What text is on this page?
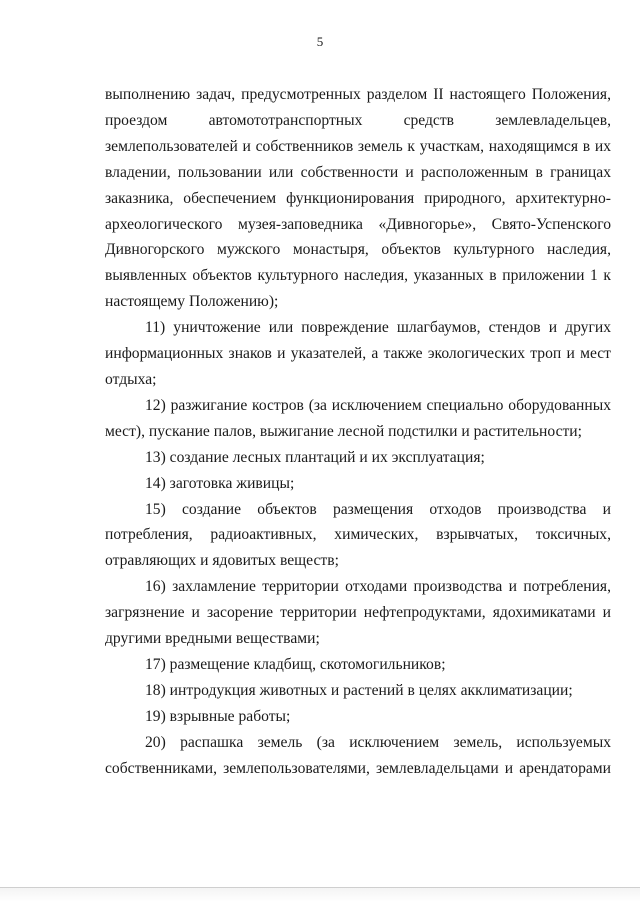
5

выполнению задач, предусмотренных разделом II настоящего Положения, проездом автомототранспортных средств землевладельцев, землепользователей и собственников земель к участкам, находящимся в их владении, пользовании или собственности и расположенным в границах заказника, обеспечением функционирования природного, архитектурно-археологического музея-заповедника «Дивногорье», Свято-Успенского Дивногорского мужского монастыря, объектов культурного наследия, выявленных объектов культурного наследия, указанных в приложении 1 к настоящему Положению);

11) уничтожение или повреждение шлагбаумов, стендов и других информационных знаков и указателей, а также экологических троп и мест отдыха;

12) разжигание костров (за исключением специально оборудованных мест), пускание палов, выжигание лесной подстилки и растительности;

13) создание лесных плантаций и их эксплуатация;

14) заготовка живицы;

15) создание объектов размещения отходов производства и потребления, радиоактивных, химических, взрывчатых, токсичных, отравляющих и ядовитых веществ;

16) захламление территории отходами производства и потребления, загрязнение и засорение территории нефтепродуктами, ядохимикатами и другими вредными веществами;

17) размещение кладбищ, скотомогильников;

18) интродукция животных и растений в целях акклиматизации;

19) взрывные работы;

20) распашка земель (за исключением земель, используемых собственниками, землепользователями, землевладельцами и арендаторами
